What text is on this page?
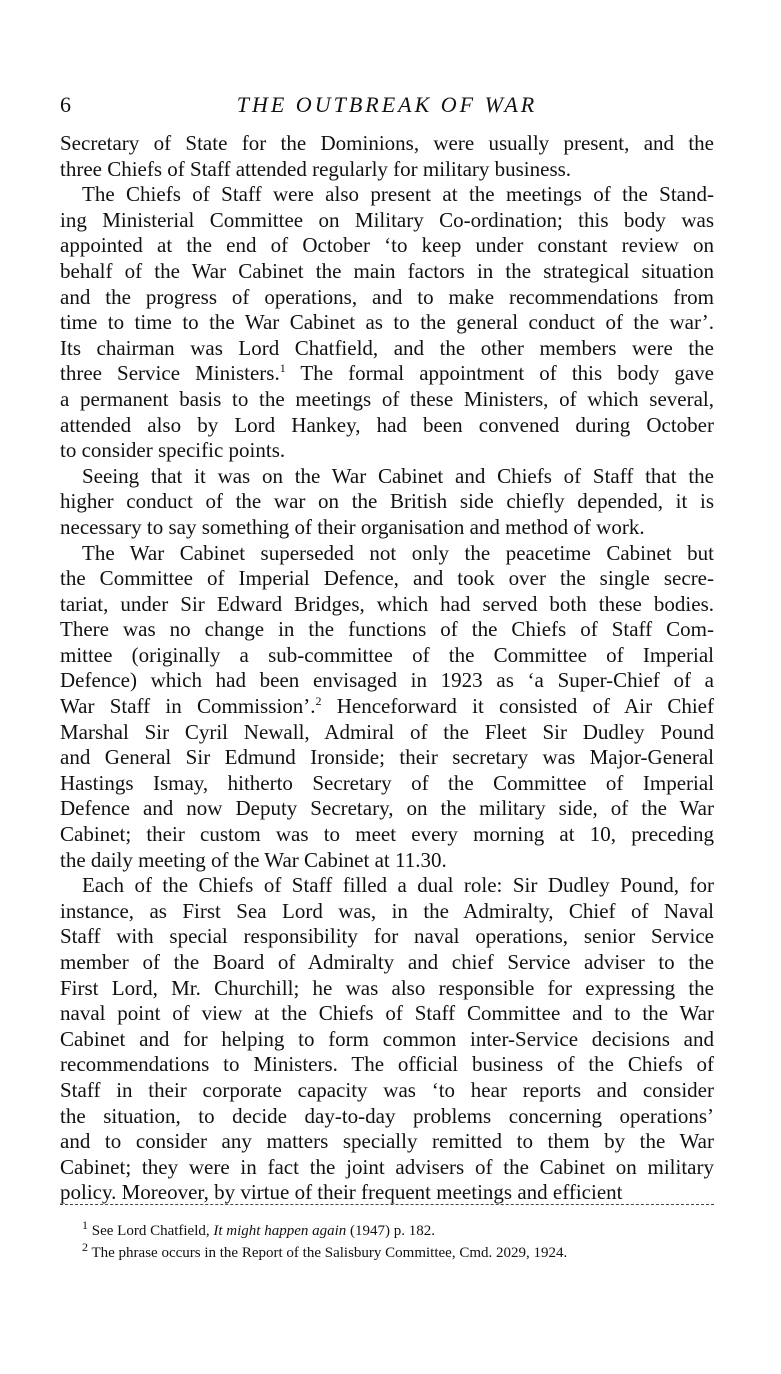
6	THE OUTBREAK OF WAR
Secretary of State for the Dominions, were usually present, and the
three Chiefs of Staff attended regularly for military business.
The Chiefs of Staff were also present at the meetings of the Stand-
ing Ministerial Committee on Military Co-ordination; this body was
appointed at the end of October ‘to keep under constant review on
behalf of the War Cabinet the main factors in the strategical situation
and the progress of operations, and to make recommendations from
time to time to the War Cabinet as to the general conduct of the war’.
Its chairman was Lord Chatfield, and the other members were the
three Service Ministers.$^1$ The formal appointment of this body gave
a permanent basis to the meetings of these Ministers, of which several,
attended also by Lord Hankey, had been convened during October
to consider specific points.
Seeing that it was on the War Cabinet and Chiefs of Staff that the
higher conduct of the war on the British side chiefly depended, it is
necessary to say something of their organisation and method of work.
The War Cabinet superseded not only the peacetime Cabinet but
the Committee of Imperial Defence, and took over the single secre-
tariat, under Sir Edward Bridges, which had served both these bodies.
There was no change in the functions of the Chiefs of Staff Com-
mittee (originally a sub-committee of the Committee of Imperial
Defence) which had been envisaged in 1923 as ‘a Super-Chief of a
War Staff in Commission’.$^2$ Henceforward it consisted of Air Chief
Marshal Sir Cyril Newall, Admiral of the Fleet Sir Dudley Pound
and General Sir Edmund Ironside; their secretary was Major-General
Hastings Ismay, hitherto Secretary of the Committee of Imperial
Defence and now Deputy Secretary, on the military side, of the War
Cabinet; their custom was to meet every morning at 10, preceding
the daily meeting of the War Cabinet at 11.30.
Each of the Chiefs of Staff filled a dual role: Sir Dudley Pound, for
instance, as First Sea Lord was, in the Admiralty, Chief of Naval
Staff with special responsibility for naval operations, senior Service
member of the Board of Admiralty and chief Service adviser to the
First Lord, Mr. Churchill; he was also responsible for expressing the
naval point of view at the Chiefs of Staff Committee and to the War
Cabinet and for helping to form common inter-Service decisions and
recommendations to Ministers. The official business of the Chiefs of
Staff in their corporate capacity was ‘to hear reports and consider
the situation, to decide day-to-day problems concerning operations’
and to consider any matters specially remitted to them by the War
Cabinet; they were in fact the joint advisers of the Cabinet on military
policy. Moreover, by virtue of their frequent meetings and efficient
$^1$ See Lord Chatfield, It might happen again (1947) p. 182.
$^2$ The phrase occurs in the Report of the Salisbury Committee, Cmd. 2029, 1924.
